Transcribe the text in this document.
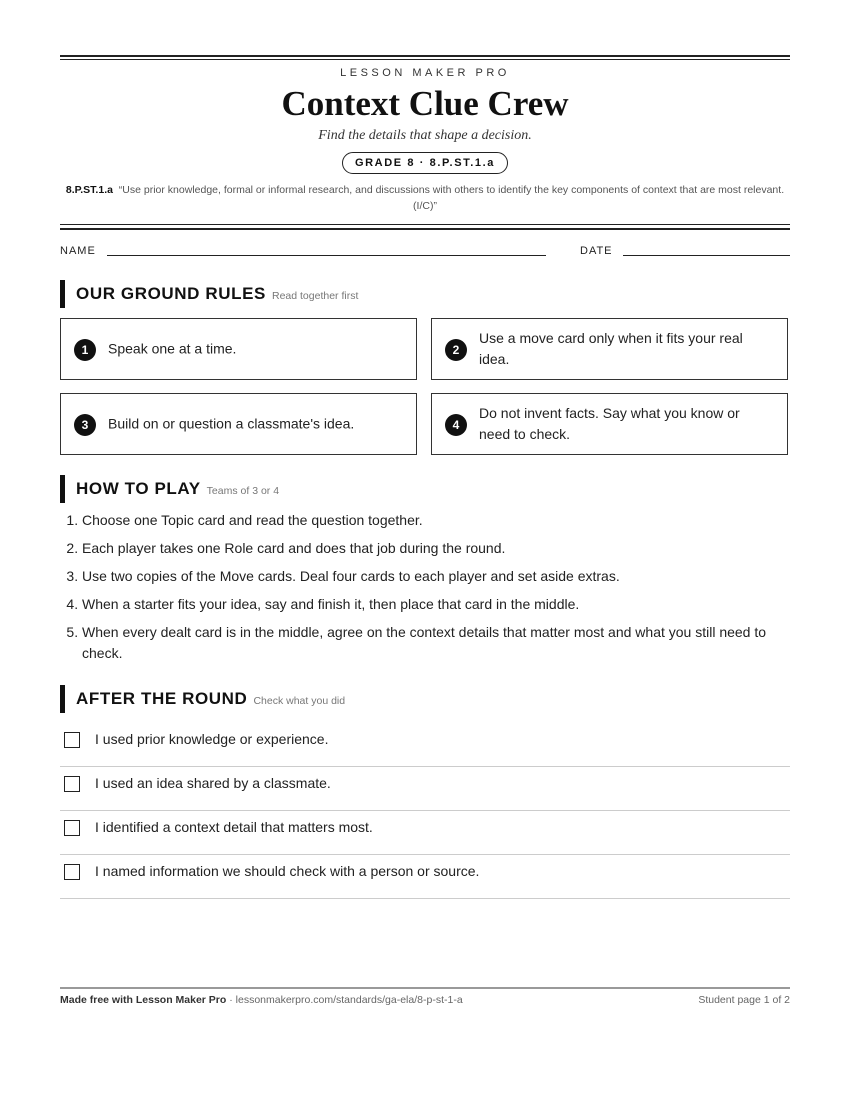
LESSON MAKER PRO
Context Clue Crew
Find the details that shape a decision.
GRADE 8 · 8.P.ST.1.a
8.P.ST.1.a “Use prior knowledge, formal or informal research, and discussions with others to identify the key components of context that are most relevant. (I/C)”
NAME	DATE
OUR GROUND RULES Read together first
1	Speak one at a time.	2
Use a move card only when it fits your real idea.
3	Build on or question a classmate's idea.	4
Do not invent facts. Say what you know or need to check.
HOW TO PLAY Teams of 3 or 4
1. Choose one Topic card and read the question together.
2. Each player takes one Role card and does that job during the round.
3. Use two copies of the Move cards. Deal four cards to each player and set aside extras.
4. When a starter fits your idea, say and finish it, then place that card in the middle.
5. When every dealt card is in the middle, agree on the context details that matter most and what you still need to check.
AFTER THE ROUND Check what you did
I used prior knowledge or experience.
I used an idea shared by a classmate.
I identified a context detail that matters most.
I named information we should check with a person or source.
Made free with Lesson Maker Pro · lessonmakerpro.com/standards/ga-ela/8-p-st-1-a	Student page 1 of 2
